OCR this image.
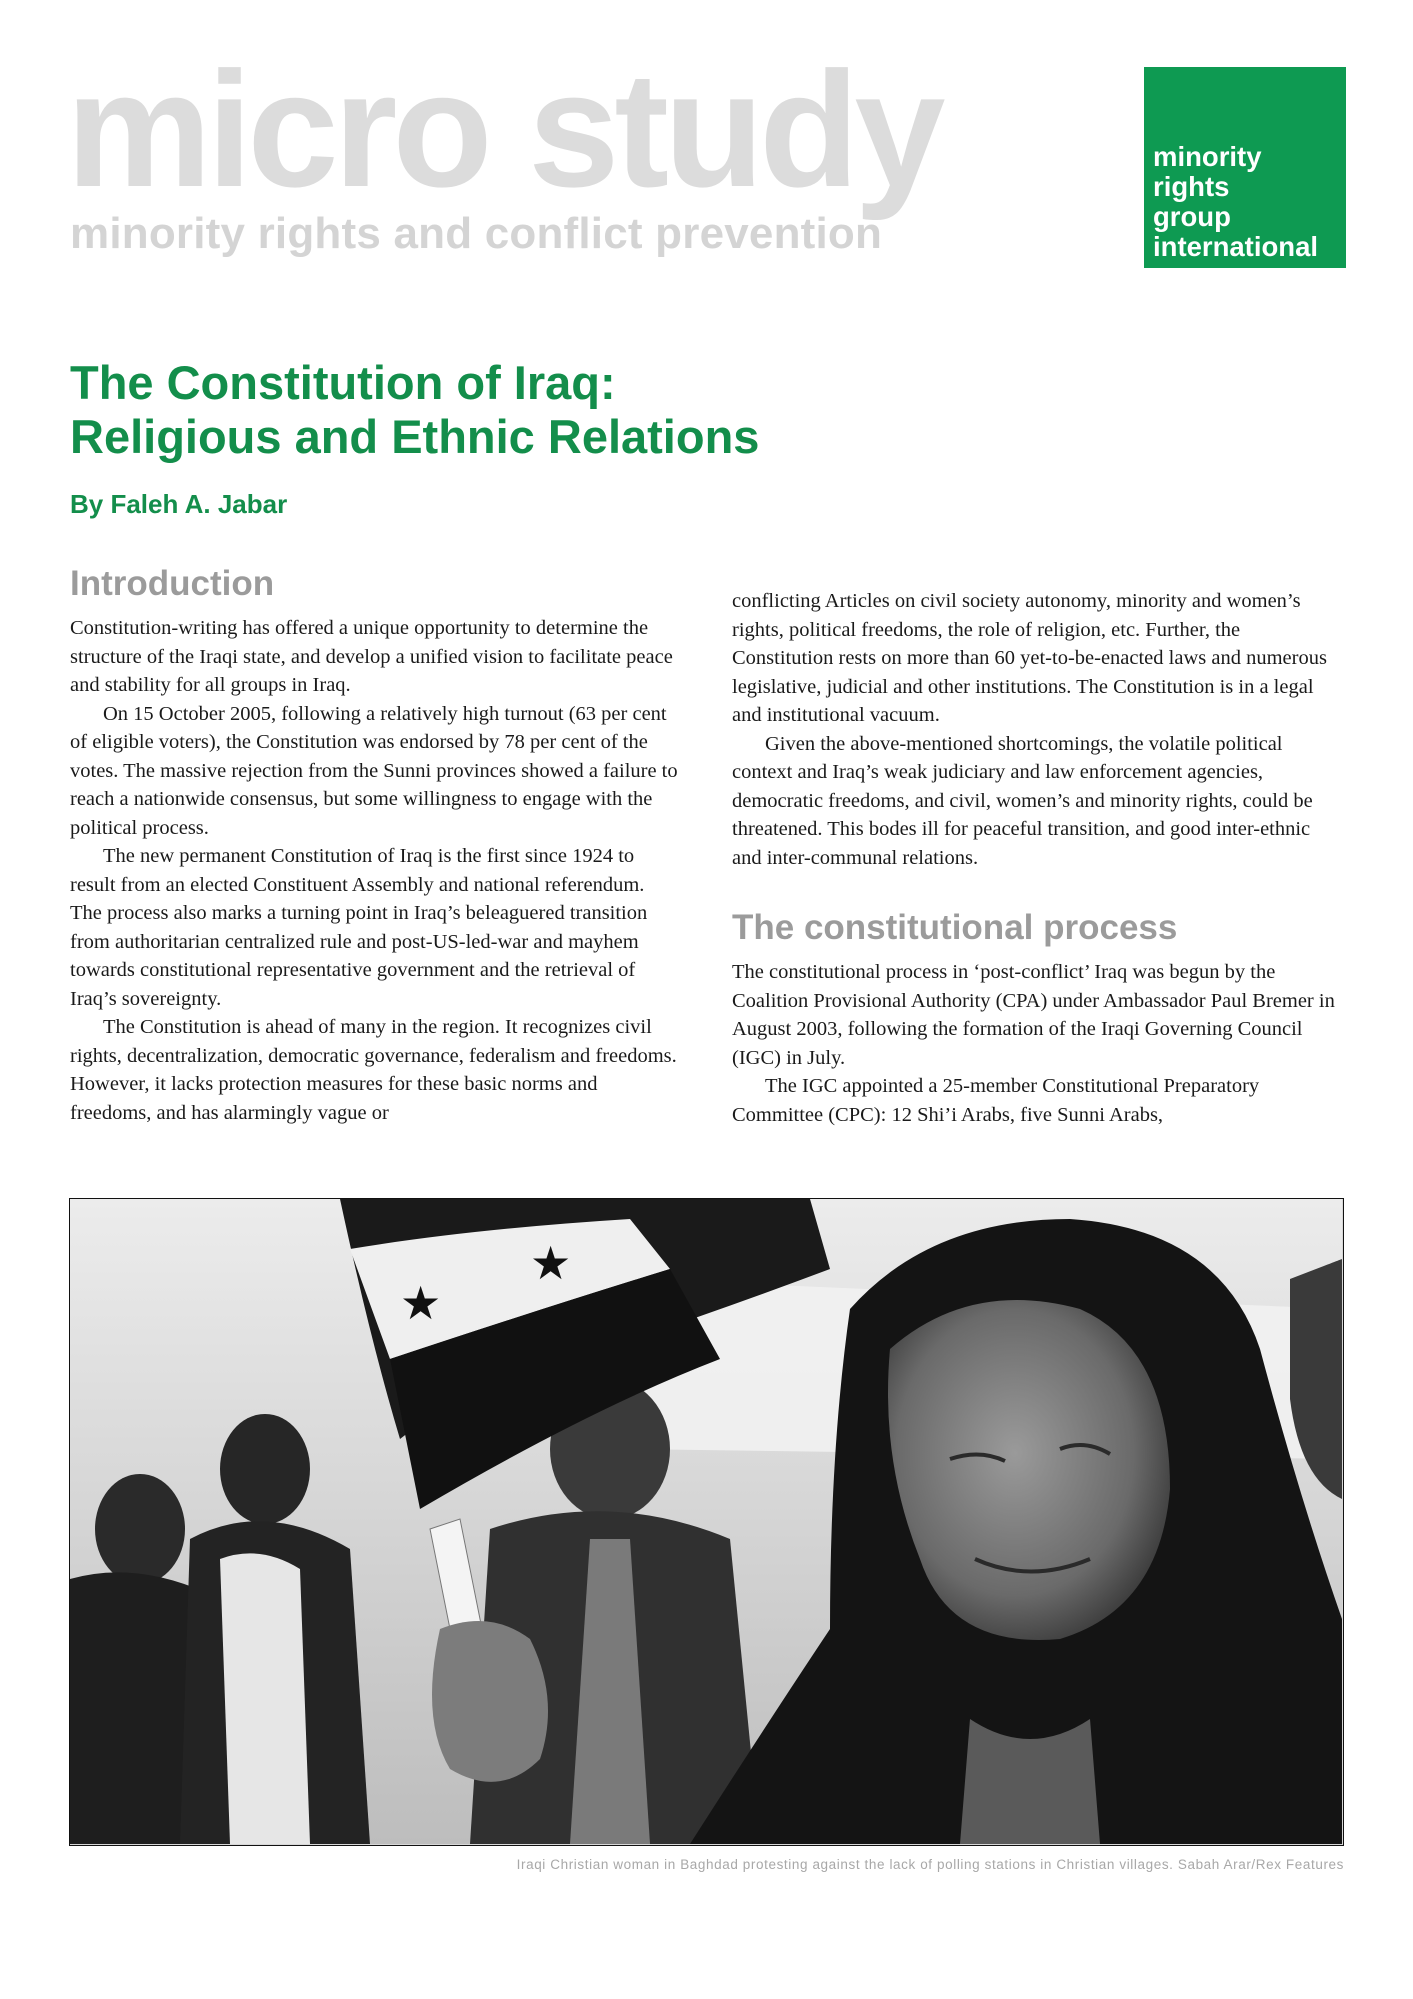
micro study
minority rights and conflict prevention
minority
rights
group
international
The Constitution of Iraq:
Religious and Ethnic Relations
By Faleh A. Jabar
Introduction

Constitution-writing has offered a unique opportunity to determine the structure of the Iraqi state, and develop a unified vision to facilitate peace and stability for all groups in Iraq.

On 15 October 2005, following a relatively high turnout (63 per cent of eligible voters), the Constitution was endorsed by 78 per cent of the votes. The massive rejection from the Sunni provinces showed a failure to reach a nationwide consensus, but some willingness to engage with the political process.

The new permanent Constitution of Iraq is the first since 1924 to result from an elected Constituent Assembly and national referendum. The process also marks a turning point in Iraq’s beleaguered transition from authoritarian centralized rule and post-US-led-war and mayhem towards constitutional representative government and the retrieval of Iraq’s sovereignty.

The Constitution is ahead of many in the region. It recognizes civil rights, decentralization, democratic governance, federalism and freedoms. However, it lacks protection measures for these basic norms and freedoms, and has alarmingly vague or

conflicting Articles on civil society autonomy, minority and women’s rights, political freedoms, the role of religion, etc. Further, the Constitution rests on more than 60 yet-to-be-enacted laws and numerous legislative, judicial and other institutions. The Constitution is in a legal and institutional vacuum.

Given the above-mentioned shortcomings, the volatile political context and Iraq’s weak judiciary and law enforcement agencies, democratic freedoms, and civil, women’s and minority rights, could be threatened. This bodes ill for peaceful transition, and good inter-ethnic and inter-communal relations.

The constitutional process

The constitutional process in ‘post-conflict’ Iraq was begun by the Coalition Provisional Authority (CPA) under Ambassador Paul Bremer in August 2003, following the formation of the Iraqi Governing Council (IGC) in July.

The IGC appointed a 25-member Constitutional Preparatory Committee (CPC): 12 Shi’i Arabs, five Sunni Arabs,

★
★
Iraqi Christian woman in Baghdad protesting against the lack of polling stations in Christian villages. Sabah Arar/Rex Features
